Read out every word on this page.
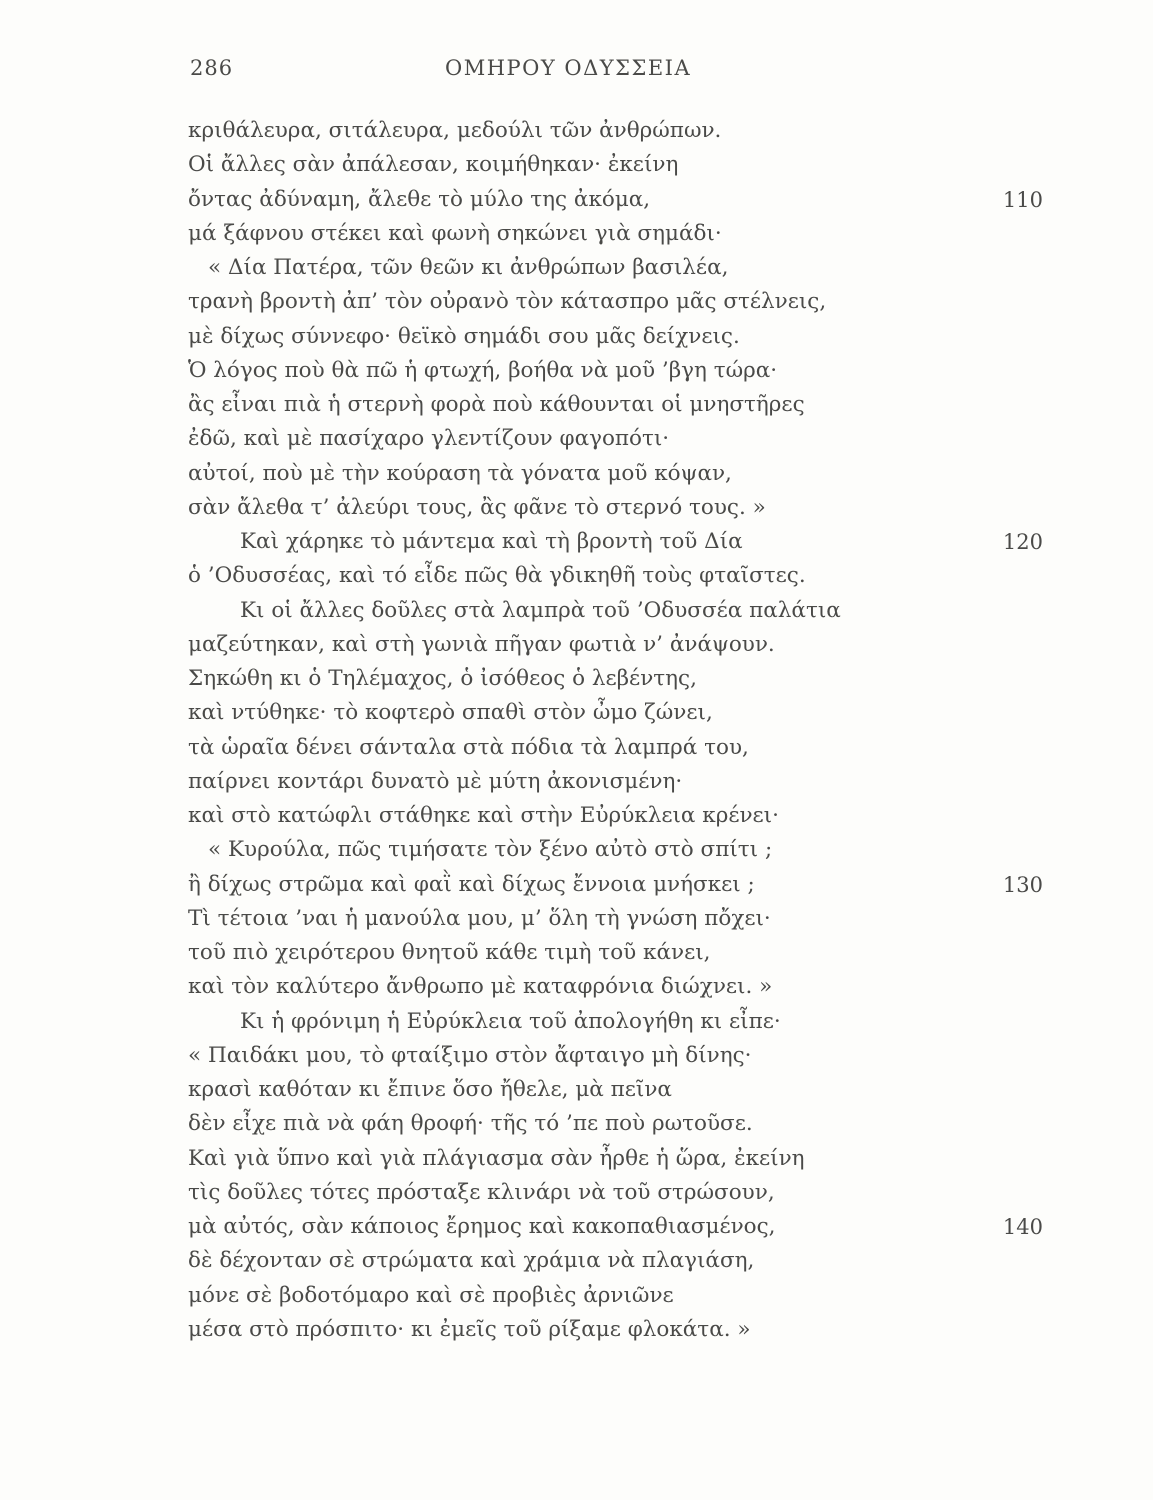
286	ΟΜΗΡΟΥ ΟΔΥΣΣΕΙΑ
κριθάλευρα, σιτάλευρα, μεδούλι τῶν ἀνθρώπων.
Οἱ ἄλλες σὰν ἀπάλεσαν, κοιμήθηκαν· ἐκείνη
ὄντας ἀδύναμη, ἄλεθε τὸ μύλο της ἀκόμα,	110
μά ξάφνου στέκει καὶ φωνὴ σηκώνει γιὰ σημάδι·
« Δία Πατέρα, τῶν θεῶν κι ἀνθρώπων βασιλέα,
τρανὴ βροντὴ ἀπ’ τὸν οὐρανὸ τὸν κάτασπρο μᾶς στέλνεις,
μὲ δίχως σύννεφο· θεϊκὸ σημάδι σου μᾶς δείχνεις.
Ὁ λόγος ποὺ θὰ πῶ ἡ φτωχή, βοήθα νὰ μοῦ ’βγη τώρα·
ἂς εἶναι πιὰ ἡ στερνὴ φορὰ ποὺ κάθουνται οἱ μνηστῆρες
ἐδῶ, καὶ μὲ πασίχαρο γλεντίζουν φαγοπότι·
αὐτοί, ποὺ μὲ τὴν κούραση τὰ γόνατα μοῦ κόψαν,
σὰν ἄλεθα τ’ ἀλεύρι τους, ἂς φᾶνε τὸ στερνό τους. »
Καὶ χάρηκε τὸ μάντεμα καὶ τὴ βροντὴ τοῦ Δία	120
ὁ ’Οδυσσέας, καὶ τό εἶδε πῶς θὰ γδικηθῆ τοὺς φταῖστες.
Κι οἱ ἄλλες δοῦλες στὰ λαμπρὰ τοῦ ’Οδυσσέα παλάτια
μαζεύτηκαν, καὶ στὴ γωνιὰ πῆγαν φωτιὰ ν’ ἀνάψουν.
Σηκώθη κι ὁ Τηλέμαχος, ὁ ἰσόθεος ὁ λεβέντης,
καὶ ντύθηκε· τὸ κοφτερὸ σπαθὶ στὸν ὦμο ζώνει,
τὰ ὡραῖα δένει σάνταλα στὰ πόδια τὰ λαμπρά του,
παίρνει κοντάρι δυνατὸ μὲ μύτη ἀκονισμένη·
καὶ στὸ κατώφλι στάθηκε καὶ στὴν Εὐρύκλεια κρένει·
« Κυρούλα, πῶς τιμήσατε τὸν ξένο αὐτὸ στὸ σπίτι ;
ἢ δίχως στρῶμα καὶ φαῒ καὶ δίχως ἔννοια μνήσκει ;	130
Τὶ τέτοια ’ναι ἡ μανούλα μου, μ’ ὅλη τὴ γνώση πὄχει·
τοῦ πιὸ χειρότερου θνητοῦ κάθε τιμὴ τοῦ κάνει,
καὶ τὸν καλύτερο ἄνθρωπο μὲ καταφρόνια διώχνει. »
Κι ἡ φρόνιμη ἡ Εὐρύκλεια τοῦ ἀπολογήθη κι εἶπε·
« Παιδάκι μου, τὸ φταίξιμο στὸν ἄφταιγο μὴ δίνης·
κρασὶ καθόταν κι ἔπινε ὅσο ἤθελε, μὰ πεῖνα
δὲν εἶχε πιὰ νὰ φάη θροφή· τῆς τό ’πε ποὺ ρωτοῦσε.
Καὶ γιὰ ὕπνο καὶ γιὰ πλάγιασμα σὰν ἦρθε ἡ ὥρα, ἐκείνη
τὶς δοῦλες τότες πρόσταξε κλινάρι νὰ τοῦ στρώσουν,
μὰ αὐτός, σὰν κάποιος ἔρημος καὶ κακοπαθιασμένος,	140
δὲ δέχονταν σὲ στρώματα καὶ χράμια νὰ πλαγιάση,
μόνε σὲ βοδοτόμαρο καὶ σὲ προβιὲς ἀρνιῶνε
μέσα στὸ πρόσπιτο· κι ἐμεῖς τοῦ ρίξαμε φλοκάτα. »
